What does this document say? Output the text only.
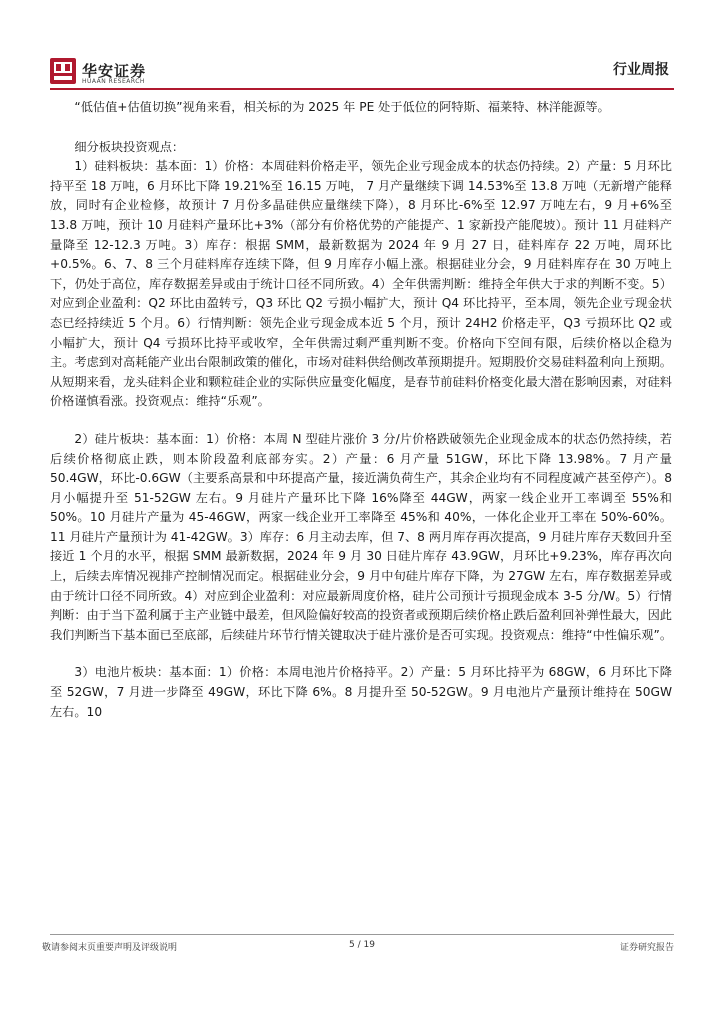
华安证券
HUAAN RESEARCH
行业周报

“低估值+估值切换”视角来看，相关标的为 2025 年 PE 处于低位的阿特斯、福莱特、林洋能源等。

细分板块投资观点：

1）硅料板块：基本面：1）价格：本周硅料价格走平，领先企业亏现金成本的状态仍持续。2）产量：5 月环比持平至 18 万吨，6 月环比下降 19.21%至 16.15 万吨， 7 月产量继续下调 14.53%至 13.8 万吨（无新增产能释放，同时有企业检修，故预计 7 月份多晶硅供应量继续下降），8 月环比-6%至 12.97 万吨左右，9 月+6%至 13.8 万吨，预计 10 月硅料产量环比+3%（部分有价格优势的产能提产、1 家新投产能爬坡）。预计 11 月硅料产量降至 12-12.3 万吨。3）库存：根据 SMM，最新数据为 2024 年 9 月 27 日，硅料库存 22 万吨，周环比+0.5%。6、7、8 三个月硅料库存连续下降，但 9 月库存小幅上涨。根据硅业分会，9 月硅料库存在 30 万吨上下，仍处于高位，库存数据差异或由于统计口径不同所致。4）全年供需判断：维持全年供大于求的判断不变。5）对应到企业盈利：Q2 环比由盈转亏，Q3 环比 Q2 亏损小幅扩大，预计 Q4 环比持平，至本周，领先企业亏现金状态已经持续近 5 个月。6）行情判断：领先企业亏现金成本近 5 个月，预计 24H2 价格走平，Q3 亏损环比 Q2 或小幅扩大，预计 Q4 亏损环比持平或收窄，全年供需过剩严重判断不变。价格向下空间有限，后续价格以企稳为主。考虑到对高耗能产业出台限制政策的催化，市场对硅料供给侧改革预期提升。短期股价交易硅料盈利向上预期。从短期来看，龙头硅料企业和颗粒硅企业的实际供应量变化幅度，是春节前硅料价格变化最大潜在影响因素，对硅料价格谨慎看涨。投资观点：维持“乐观”。

2）硅片板块：基本面：1）价格：本周 N 型硅片涨价 3 分/片价格跌破领先企业现金成本的状态仍然持续，若后续价格彻底止跌，则本阶段盈利底部夯实。2）产量：6 月产量 51GW，环比下降 13.98%。7 月产量 50.4GW，环比-0.6GW（主要系高景和中环提高产量，接近满负荷生产，其余企业均有不同程度减产甚至停产）。8 月小幅提升至 51-52GW 左右。9 月硅片产量环比下降 16%降至 44GW，两家一线企业开工率调至 55%和 50%。10 月硅片产量为 45-46GW，两家一线企业开工率降至 45%和 40%，一体化企业开工率在 50%-60%。11 月硅片产量预计为 41-42GW。3）库存：6 月主动去库，但 7、8 两月库存再次提高，9 月硅片库存天数回升至接近 1 个月的水平，根据 SMM 最新数据，2024 年 9 月 30 日硅片库存 43.9GW，月环比+9.23%，库存再次向上，后续去库情况视排产控制情况而定。根据硅业分会，9 月中旬硅片库存下降，为 27GW 左右，库存数据差异或由于统计口径不同所致。4）对应到企业盈利：对应最新周度价格，硅片公司预计亏损现金成本 3-5 分/W。5）行情判断：由于当下盈利属于主产业链中最差，但风险偏好较高的投资者或预期后续价格止跌后盈利回补弹性最大，因此我们判断当下基本面已至底部，后续硅片环节行情关键取决于硅片涨价是否可实现。投资观点：维持“中性偏乐观”。

3）电池片板块：基本面：1）价格：本周电池片价格持平。2）产量：5 月环比持平为 68GW，6 月环比下降至 52GW，7 月进一步降至 49GW，环比下降 6%。8 月提升至 50-52GW。9 月电池片产量预计维持在 50GW 左右。10

敬请参阅末页重要声明及评级说明	5 / 19	证券研究报告
